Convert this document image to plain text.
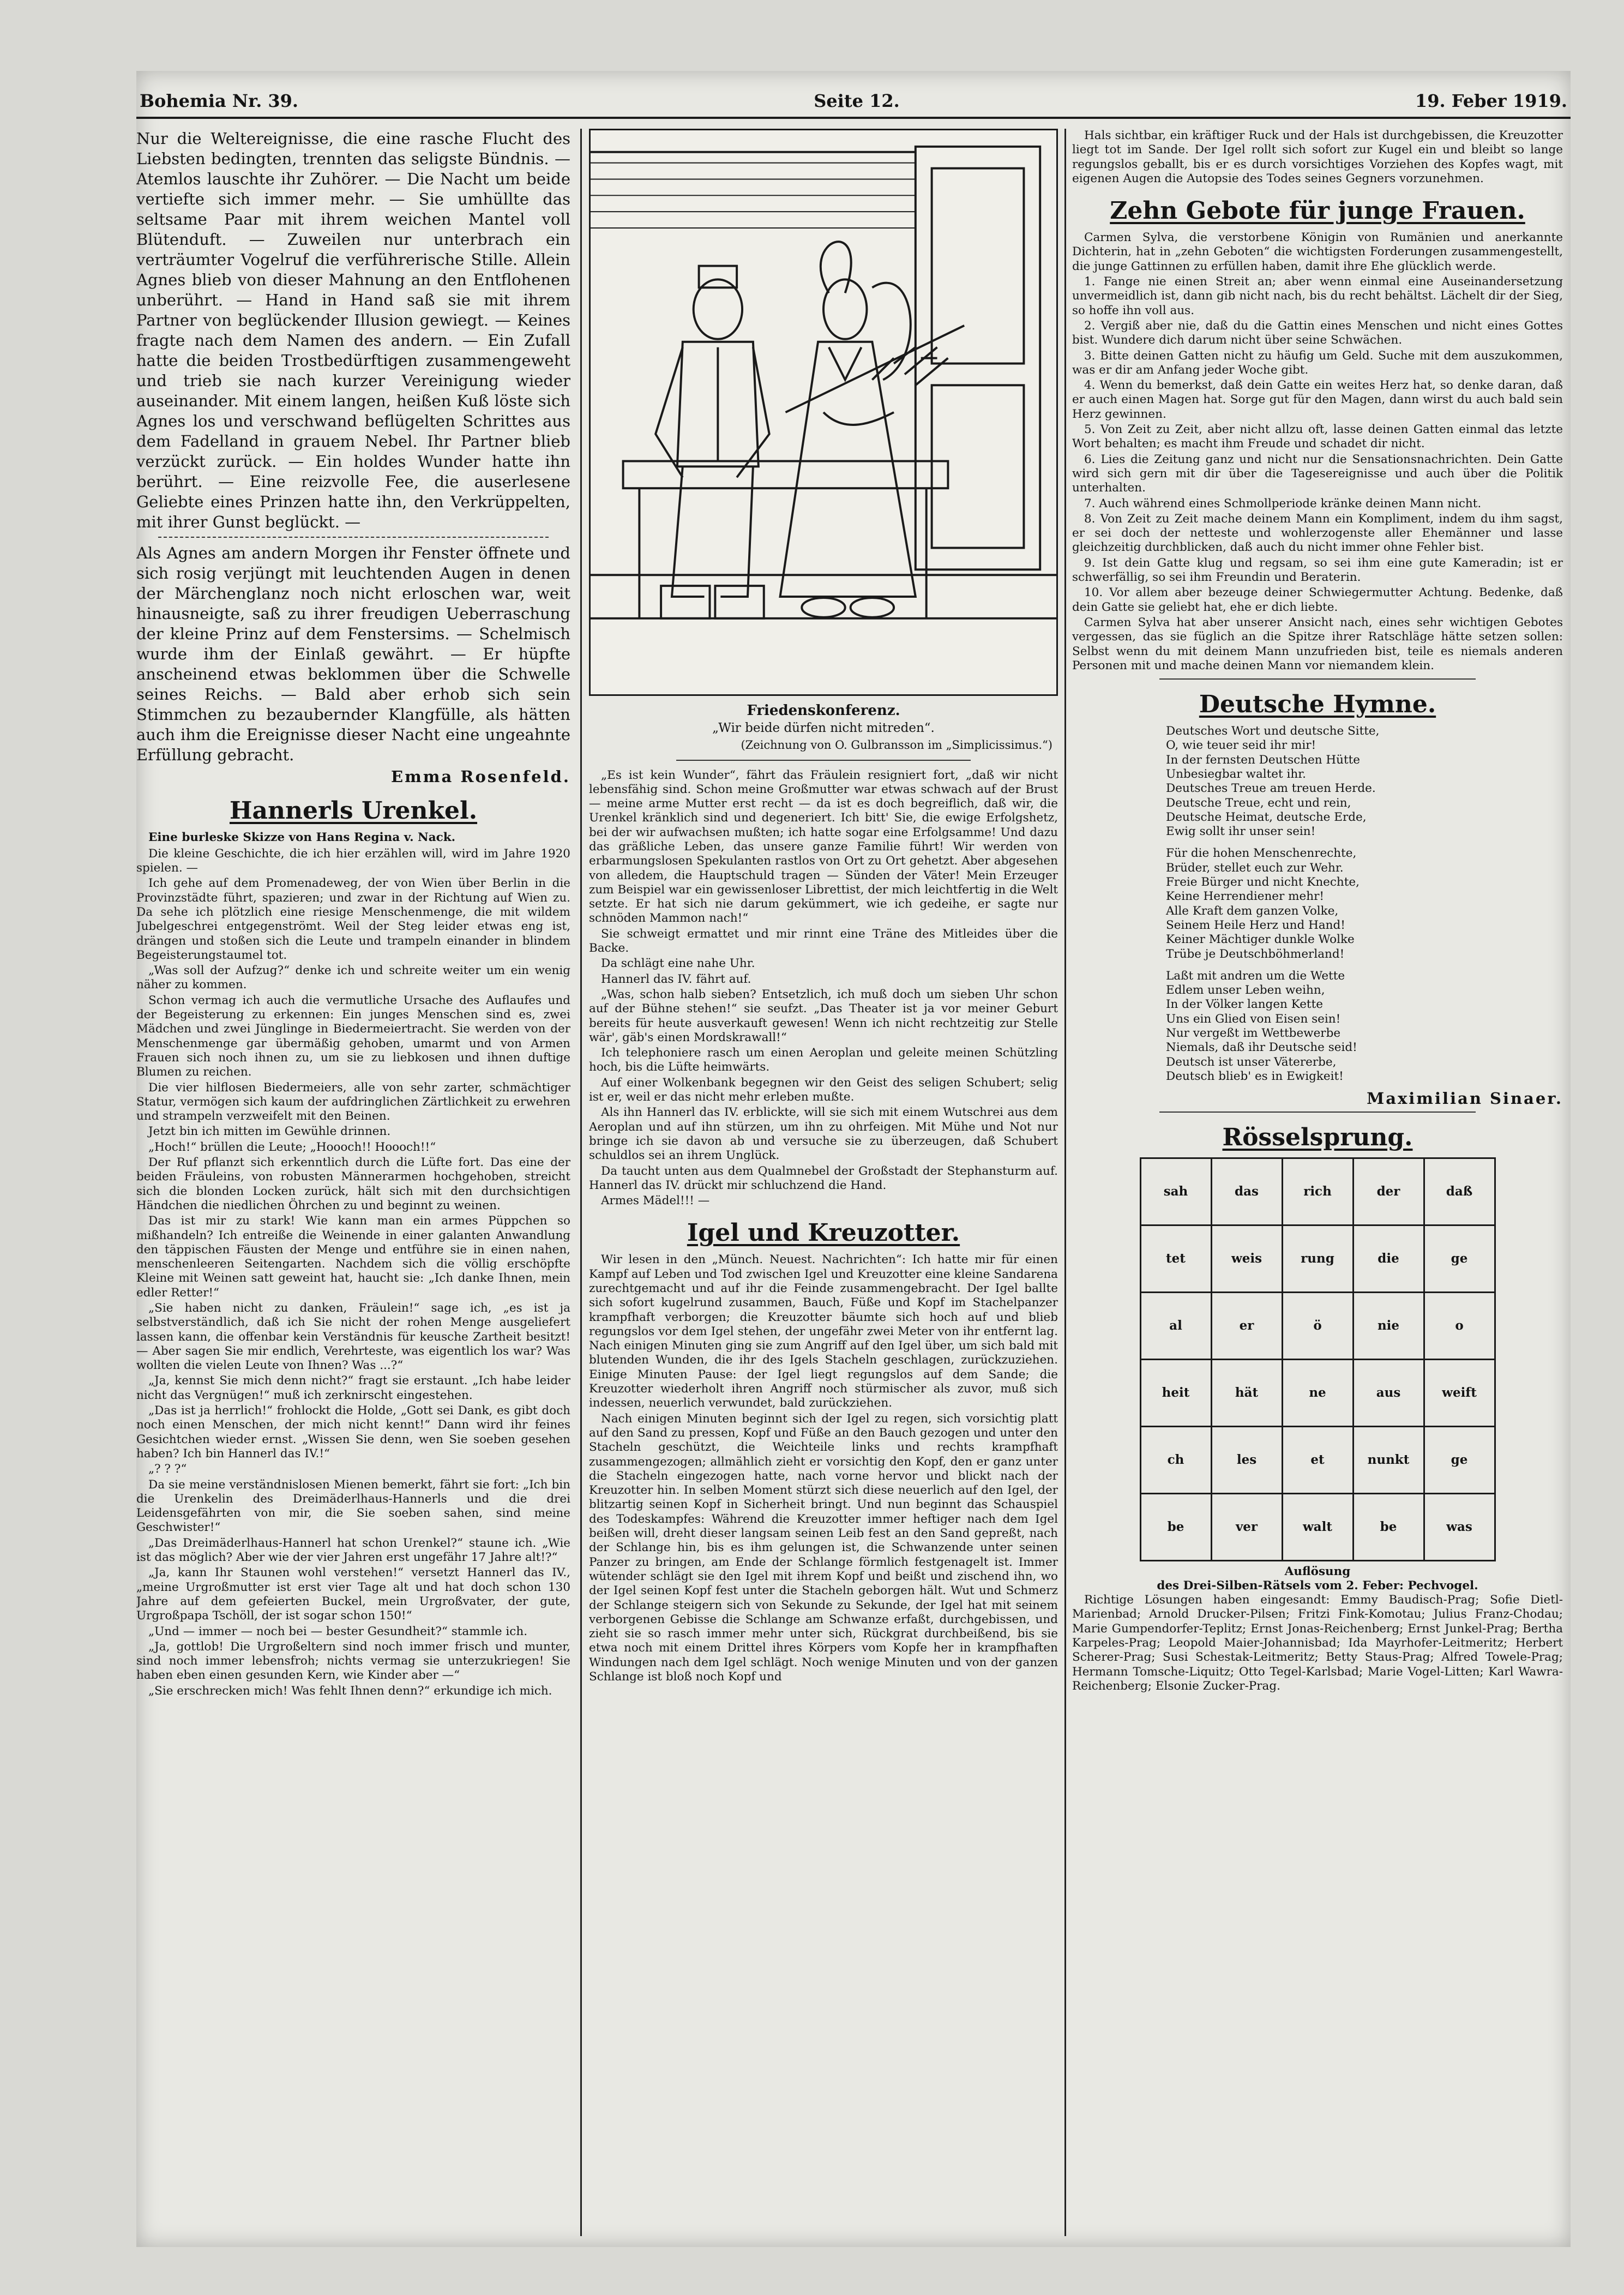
Bohemia Nr. 39.	Seite 12.	19. Feber 1919.

Nur die Weltereignisse, die eine rasche Flucht des Liebsten bedingten, trennten das seligste Bündnis. — Atemlos lauschte ihr Zuhörer. — Die Nacht um beide vertiefte sich immer mehr. — Sie umhüllte das seltsame Paar mit ihrem weichen Mantel voll Blütenduft. — Zuweilen nur unterbrach ein verträumter Vogelruf die verführerische Stille. Allein Agnes blieb von dieser Mahnung an den Entflohenen unberührt. — Hand in Hand saß sie mit ihrem Partner von beglückender Illusion gewiegt. — Keines fragte nach dem Namen des andern. — Ein Zufall hatte die beiden Trostbedürftigen zusammengeweht und trieb sie nach kurzer Vereinigung wieder auseinander. Mit einem langen, heißen Kuß löste sich Agnes los und verschwand beflügelten Schrittes aus dem Fadelland in grauem Nebel. Ihr Partner blieb verzückt zurück. — Ein holdes Wunder hatte ihn berührt. — Eine reizvolle Fee, die auserlesene Geliebte eines Prinzen hatte ihn, den Verkrüppelten, mit ihrer Gunst beglückt. —

Als Agnes am andern Morgen ihr Fenster öffnete und sich rosig verjüngt mit leuchtenden Augen in denen der Märchenglanz noch nicht erloschen war, weit hinausneigte, saß zu ihrer freudigen Ueberraschung der kleine Prinz auf dem Fenstersims. — Schelmisch wurde ihm der Einlaß gewährt. — Er hüpfte anscheinend etwas beklommen über die Schwelle seines Reichs. — Bald aber erhob sich sein Stimmchen zu bezaubernder Klangfülle, als hätten auch ihm die Ereignisse dieser Nacht eine ungeahnte Erfüllung gebracht.

Emma Rosenfeld.
Hannerls Urenkel.

Eine burleske Skizze von Hans Regina v. Nack.

Die kleine Geschichte, die ich hier erzählen will, wird im Jahre 1920 spielen. —

Ich gehe auf dem Promenadeweg, der von Wien über Berlin in die Provinzstädte führt, spazieren; und zwar in der Richtung auf Wien zu. Da sehe ich plötzlich eine riesige Menschenmenge, die mit wildem Jubelgeschrei entgegenströmt. Weil der Steg leider etwas eng ist, drängen und stoßen sich die Leute und trampeln einander in blindem Begeisterungstaumel tot.

„Was soll der Aufzug?“ denke ich und schreite weiter um ein wenig näher zu kommen.

Schon vermag ich auch die vermutliche Ursache des Auflaufes und der Begeisterung zu erkennen: Ein junges Menschen sind es, zwei Mädchen und zwei Jünglinge in Biedermeiertracht. Sie werden von der Menschenmenge gar übermäßig gehoben, umarmt und von Armen Frauen sich noch ihnen zu, um sie zu liebkosen und ihnen duftige Blumen zu reichen.

Die vier hilflosen Biedermeiers, alle von sehr zarter, schmächtiger Statur, vermögen sich kaum der aufdringlichen Zärtlichkeit zu erwehren und strampeln verzweifelt mit den Beinen.

Jetzt bin ich mitten im Gewühle drinnen.

„Hoch!“ brüllen die Leute; „Hoooch!! Hoooch!!“

Der Ruf pflanzt sich erkenntlich durch die Lüfte fort. Das eine der beiden Fräuleins, von robusten Männerarmen hochgehoben, streicht sich die blonden Locken zurück, hält sich mit den durchsichtigen Händchen die niedlichen Öhrchen zu und beginnt zu weinen.

Das ist mir zu stark! Wie kann man ein armes Püppchen so mißhandeln? Ich entreiße die Weinende in einer galanten Anwandlung den täppischen Fäusten der Menge und entführe sie in einen nahen, menschenleeren Seitengarten. Nachdem sich die völlig erschöpfte Kleine mit Weinen satt geweint hat, haucht sie: „Ich danke Ihnen, mein edler Retter!“

„Sie haben nicht zu danken, Fräulein!“ sage ich, „es ist ja selbstverständlich, daß ich Sie nicht der rohen Menge ausgeliefert lassen kann, die offenbar kein Verständnis für keusche Zartheit besitzt! — Aber sagen Sie mir endlich, Verehrteste, was eigentlich los war? Was wollten die vielen Leute von Ihnen? Was ...?“

„Ja, kennst Sie mich denn nicht?“ fragt sie erstaunt. „Ich habe leider nicht das Vergnügen!“ muß ich zerknirscht eingestehen.

„Das ist ja herrlich!“ frohlockt die Holde, „Gott sei Dank, es gibt doch noch einen Menschen, der mich nicht kennt!“ Dann wird ihr feines Gesichtchen wieder ernst. „Wissen Sie denn, wen Sie soeben gesehen haben? Ich bin Hannerl das IV.!“

„? ? ?“

Da sie meine verständnislosen Mienen bemerkt, fährt sie fort: „Ich bin die Urenkelin des Dreimäderlhaus-Hannerls und die drei Leidensgefährten von mir, die Sie soeben sahen, sind meine Geschwister!“

„Das Dreimäderlhaus-Hannerl hat schon Urenkel?“ staune ich. „Wie ist das möglich? Aber wie der vier Jahren erst ungefähr 17 Jahre alt!?“

„Ja, kann Ihr Staunen wohl verstehen!“ versetzt Hannerl das IV., „meine Urgroßmutter ist erst vier Tage alt und hat doch schon 130 Jahre auf dem gefeierten Buckel, mein Urgroßvater, der gute, Urgroßpapa Tschöll, der ist sogar schon 150!“

„Und — immer — noch bei — bester Gesundheit?“ stammle ich.

„Ja, gottlob! Die Urgroßeltern sind noch immer frisch und munter, sind noch immer lebensfroh; nichts vermag sie unterzukriegen! Sie haben eben einen gesunden Kern, wie Kinder aber —“

„Sie erschrecken mich! Was fehlt Ihnen denn?“ erkundige ich mich.

Friedenskonferenz.
„Wir beide dürfen nicht mitreden“.
(Zeichnung von O. Gulbransson im „Simplicissimus.“)

„Es ist kein Wunder“, fährt das Fräulein resigniert fort, „daß wir nicht lebensfähig sind. Schon meine Großmutter war etwas schwach auf der Brust — meine arme Mutter erst recht — da ist es doch begreiflich, daß wir, die Urenkel kränklich sind und degeneriert. Ich bitt' Sie, die ewige Erfolgshetz, bei der wir aufwachsen mußten; ich hatte sogar eine Erfolgsamme! Und dazu das gräßliche Leben, das unsere ganze Familie führt! Wir werden von erbarmungslosen Spekulanten rastlos von Ort zu Ort gehetzt. Aber abgesehen von alledem, die Hauptschuld tragen — Sünden der Väter! Mein Erzeuger zum Beispiel war ein gewissenloser Librettist, der mich leichtfertig in die Welt setzte. Er hat sich nie darum gekümmert, wie ich gedeihe, er sagte nur schnöden Mammon nach!“

Sie schweigt ermattet und mir rinnt eine Träne des Mitleides über die Backe.

Da schlägt eine nahe Uhr.

Hannerl das IV. fährt auf.

„Was, schon halb sieben? Entsetzlich, ich muß doch um sieben Uhr schon auf der Bühne stehen!“ sie seufzt. „Das Theater ist ja vor meiner Geburt bereits für heute ausverkauft gewesen! Wenn ich nicht rechtzeitig zur Stelle wär', gäb's einen Mordskrawall!“

Ich telephoniere rasch um einen Aeroplan und geleite meinen Schützling hoch, bis die Lüfte heimwärts.

Auf einer Wolkenbank begegnen wir den Geist des seligen Schubert; selig ist er, weil er das nicht mehr erleben mußte.

Als ihn Hannerl das IV. erblickte, will sie sich mit einem Wutschrei aus dem Aeroplan und auf ihn stürzen, um ihn zu ohrfeigen. Mit Mühe und Not nur bringe ich sie davon ab und versuche sie zu überzeugen, daß Schubert schuldlos sei an ihrem Unglück.

Da taucht unten aus dem Qualmnebel der Großstadt der Stephansturm auf. Hannerl das IV. drückt mir schluchzend die Hand.

Armes Mädel!!! —

Igel und Kreuzotter.

Wir lesen in den „Münch. Neuest. Nachrichten“: Ich hatte mir für einen Kampf auf Leben und Tod zwischen Igel und Kreuzotter eine kleine Sandarena zurechtgemacht und auf ihr die Feinde zusammengebracht. Der Igel ballte sich sofort kugelrund zusammen, Bauch, Füße und Kopf im Stachelpanzer krampfhaft verborgen; die Kreuzotter bäumte sich hoch auf und blieb regungslos vor dem Igel stehen, der ungefähr zwei Meter von ihr entfernt lag. Nach einigen Minuten ging sie zum Angriff auf den Igel über, um sich bald mit blutenden Wunden, die ihr des Igels Stacheln geschlagen, zurückzuziehen. Einige Minuten Pause: der Igel liegt regungslos auf dem Sande; die Kreuzotter wiederholt ihren Angriff noch stürmischer als zuvor, muß sich indessen, neuerlich verwundet, bald zurückziehen.

Nach einigen Minuten beginnt sich der Igel zu regen, sich vorsichtig platt auf den Sand zu pressen, Kopf und Füße an den Bauch gezogen und unter den Stacheln geschützt, die Weichteile links und rechts krampfhaft zusammengezogen; allmählich zieht er vorsichtig den Kopf, den er ganz unter die Stacheln eingezogen hatte, nach vorne hervor und blickt nach der Kreuzotter hin. In selben Moment stürzt sich diese neuerlich auf den Igel, der blitzartig seinen Kopf in Sicherheit bringt. Und nun beginnt das Schauspiel des Todeskampfes: Während die Kreuzotter immer heftiger nach dem Igel beißen will, dreht dieser langsam seinen Leib fest an den Sand gepreßt, nach der Schlange hin, bis es ihm gelungen ist, die Schwanzende unter seinen Panzer zu bringen, am Ende der Schlange förmlich festgenagelt ist. Immer wütender schlägt sie den Igel mit ihrem Kopf und beißt und zischend ihn, wo der Igel seinen Kopf fest unter die Stacheln geborgen hält. Wut und Schmerz der Schlange steigern sich von Sekunde zu Sekunde, der Igel hat mit seinem verborgenen Gebisse die Schlange am Schwanze erfaßt, durchgebissen, und zieht sie so rasch immer mehr unter sich, Rückgrat durchbeißend, bis sie etwa noch mit einem Drittel ihres Körpers vom Kopfe her in krampfhaften Windungen nach dem Igel schlägt. Noch wenige Minuten und von der ganzen Schlange ist bloß noch Kopf und

Hals sichtbar, ein kräftiger Ruck und der Hals ist durchgebissen, die Kreuzotter liegt tot im Sande. Der Igel rollt sich sofort zur Kugel ein und bleibt so lange regungslos geballt, bis er es durch vorsichtiges Vorziehen des Kopfes wagt, mit eigenen Augen die Autopsie des Todes seines Gegners vorzunehmen.

Zehn Gebote für junge Frauen.

Carmen Sylva, die verstorbene Königin von Rumänien und anerkannte Dichterin, hat in „zehn Geboten“ die wichtigsten Forderungen zusammengestellt, die junge Gattinnen zu erfüllen haben, damit ihre Ehe glücklich werde.

1. Fange nie einen Streit an; aber wenn einmal eine Auseinandersetzung unvermeidlich ist, dann gib nicht nach, bis du recht behältst. Lächelt dir der Sieg, so hoffe ihn voll aus.

2. Vergiß aber nie, daß du die Gattin eines Menschen und nicht eines Gottes bist. Wundere dich darum nicht über seine Schwächen.

3. Bitte deinen Gatten nicht zu häufig um Geld. Suche mit dem auszukommen, was er dir am Anfang jeder Woche gibt.

4. Wenn du bemerkst, daß dein Gatte ein weites Herz hat, so denke daran, daß er auch einen Magen hat. Sorge gut für den Magen, dann wirst du auch bald sein Herz gewinnen.

5. Von Zeit zu Zeit, aber nicht allzu oft, lasse deinen Gatten einmal das letzte Wort behalten; es macht ihm Freude und schadet dir nicht.

6. Lies die Zeitung ganz und nicht nur die Sensationsnachrichten. Dein Gatte wird sich gern mit dir über die Tagesereignisse und auch über die Politik unterhalten.

7. Auch während eines Schmollperiode kränke deinen Mann nicht.

8. Von Zeit zu Zeit mache deinem Mann ein Kompliment, indem du ihm sagst, er sei doch der netteste und wohlerzogenste aller Ehemänner und lasse gleichzeitig durchblicken, daß auch du nicht immer ohne Fehler bist.

9. Ist dein Gatte klug und regsam, so sei ihm eine gute Kameradin; ist er schwerfällig, so sei ihm Freundin und Beraterin.

10. Vor allem aber bezeuge deiner Schwiegermutter Achtung. Bedenke, daß dein Gatte sie geliebt hat, ehe er dich liebte.

Carmen Sylva hat aber unserer Ansicht nach, eines sehr wichtigen Gebotes vergessen, das sie füglich an die Spitze ihrer Ratschläge hätte setzen sollen: Selbst wenn du mit deinem Mann unzufrieden bist, teile es niemals anderen Personen mit und mache deinen Mann vor niemandem klein.

Deutsche Hymne.

Deutsches Wort und deutsche Sitte,

O, wie teuer seid ihr mir!

In der fernsten Deutschen Hütte

Unbesiegbar waltet ihr.

Deutsches Treue am treuen Herde.

Deutsche Treue, echt und rein,

Deutsche Heimat, deutsche Erde,

Ewig sollt ihr unser sein!

Für die hohen Menschenrechte,

Brüder, stellet euch zur Wehr.

Freie Bürger und nicht Knechte,

Keine Herrendiener mehr!

Alle Kraft dem ganzen Volke,

Seinem Heile Herz und Hand!

Keiner Mächtiger dunkle Wolke

Trübe je Deutschböhmerland!

Laßt mit andren um die Wette

Edlem unser Leben weihn,

In der Völker langen Kette

Uns ein Glied von Eisen sein!

Nur vergeßt im Wettbewerbe

Niemals, daß ihr Deutsche seid!

Deutsch ist unser Vätererbe,

Deutsch blieb' es in Ewigkeit!

Maximilian Sinaer.
Rösselsprung.
sah	das	rich	der	daß
tet	weis	rung	die	ge
al	er	ö	nie	o
heit	hät	ne	aus	weift
ch	les	et	nunkt	ge
be	ver	walt	be	was
Auflösung
des Drei-Silben-Rätsels vom 2. Feber: Pechvogel.

Richtige Lösungen haben eingesandt: Emmy Baudisch-Prag; Sofie Dietl-Marienbad; Arnold Drucker-Pilsen; Fritzi Fink-Komotau; Julius Franz-Chodau; Marie Gumpendorfer-Teplitz; Ernst Jonas-Reichenberg; Ernst Junkel-Prag; Bertha Karpeles-Prag; Leopold Maier-Johannisbad; Ida Mayrhofer-Leitmeritz; Herbert Scherer-Prag; Susi Schestak-Leitmeritz; Betty Staus-Prag; Alfred Towele-Prag; Hermann Tomsche-Liquitz; Otto Tegel-Karlsbad; Marie Vogel-Litten; Karl Wawra-Reichenberg; Elsonie Zucker-Prag.
